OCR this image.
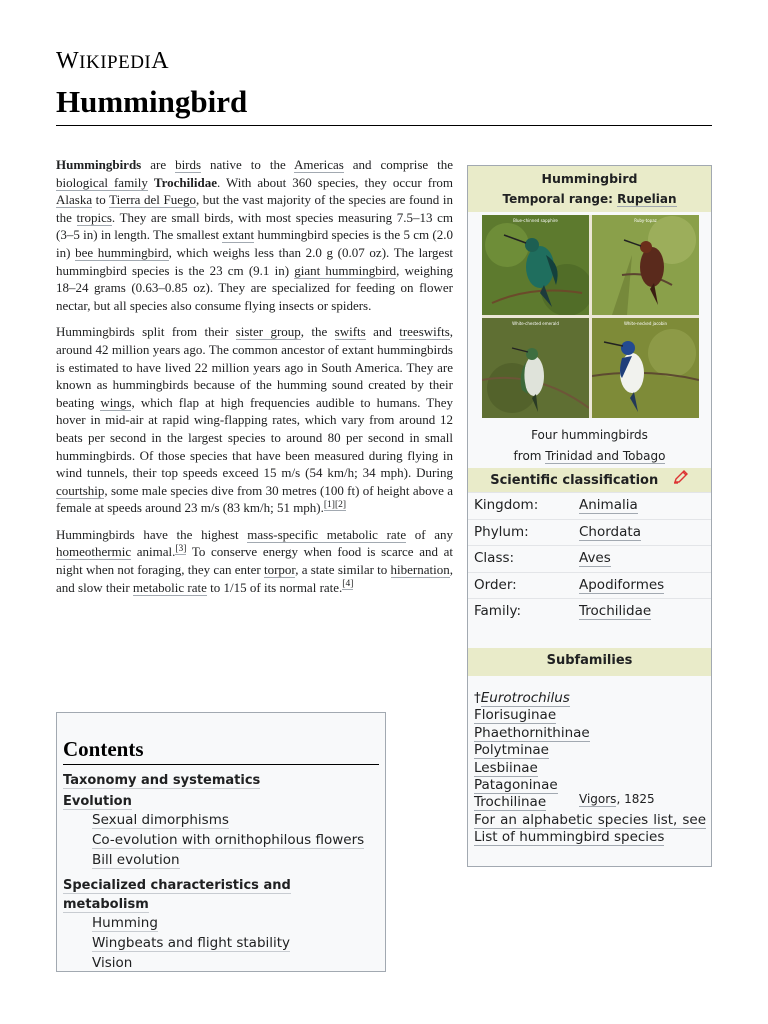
WIKIPEDIA
Hummingbird

Hummingbirds are birds native to the Americas and comprise the biological family Trochilidae. With about 360 species, they occur from Alaska to Tierra del Fuego, but the vast majority of the species are found in the tropics. They are small birds, with most species measuring 7.5–13 cm (3–5 in) in length. The smallest extant hummingbird species is the 5 cm (2.0 in) bee hummingbird, which weighs less than 2.0 g (0.07 oz). The largest hummingbird species is the 23 cm (9.1 in) giant hummingbird, weighing 18–24 grams (0.63–0.85 oz). They are specialized for feeding on flower nectar, but all species also consume flying insects or spiders.

Hummingbirds split from their sister group, the swifts and treeswifts, around 42 million years ago. The common ancestor of extant hummingbirds is estimated to have lived 22 million years ago in South America. They are known as hummingbirds because of the humming sound created by their beating wings, which flap at high frequencies audible to humans. They hover in mid-air at rapid wing-flapping rates, which vary from around 12 beats per second in the largest species to around 80 per second in small hummingbirds. Of those species that have been measured during flying in wind tunnels, their top speeds exceed 15 m/s (54 km/h; 34 mph). During courtship, some male species dive from 30 metres (100 ft) of height above a female at speeds around 23 m/s (83 km/h; 51 mph).[1][2]

Hummingbirds have the highest mass-specific metabolic rate of any homeothermic animal.[3] To conserve energy when food is scarce and at night when not foraging, they can enter torpor, a state similar to hibernation, and slow their metabolic rate to 1/15 of its normal rate.[4]

Contents
Taxonomy and systematics
Evolution
Sexual dimorphisms
Co-evolution with ornithophilous flowers
Bill evolution
Specialized characteristics and metabolism
Humming
Wingbeats and flight stability
Vision
Hummingbird
Temporal range: Rupelian
Blue-chinned sapphire	Ruby-topaz
White-chested emerald	White-necked jacobin
Four hummingbirds
from Trinidad and Tobago
Scientific classification
Kingdom:	Animalia
Phylum:	Chordata
Class:	Aves
Order:	Apodiformes
Family:	Trochilidae
Vigors, 1825
Subfamilies
†Eurotrochilus
Florisuginae
Phaethornithinae
Polytminae
Lesbiinae
Patagoninae
Trochilinae
For an alphabetic species list, see List of hummingbird species
